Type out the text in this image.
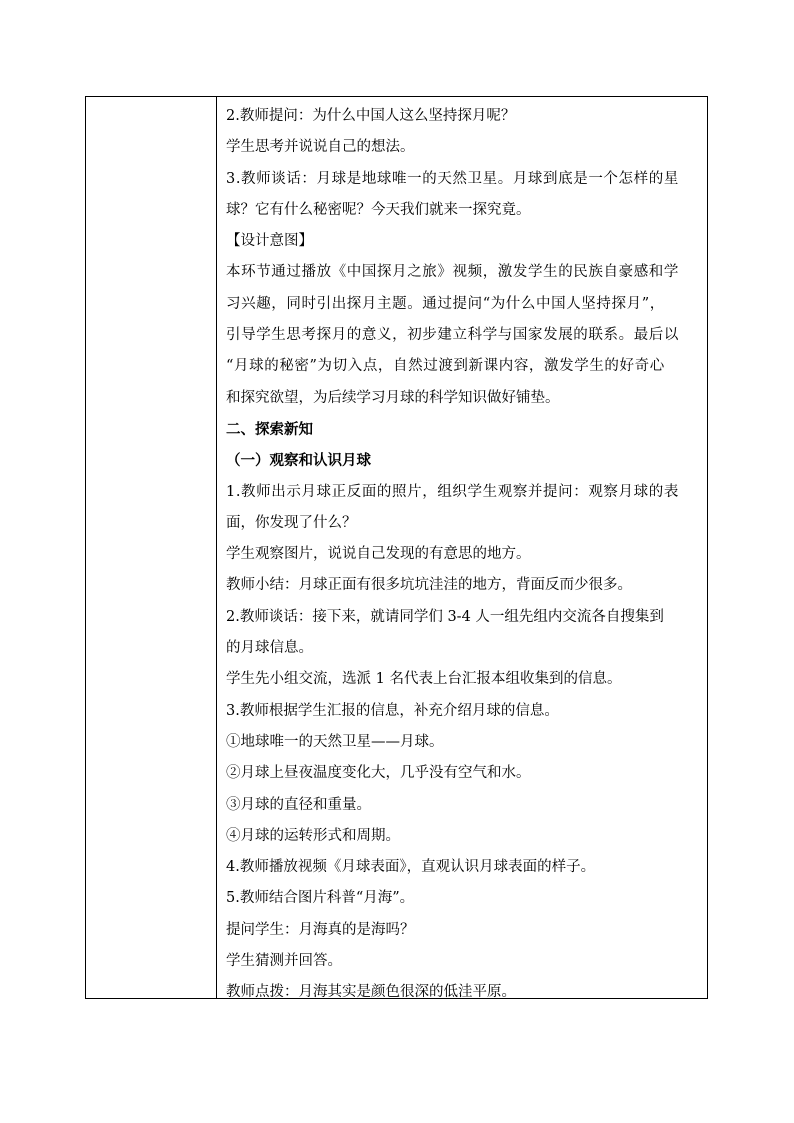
2.教师提问：为什么中国人这么坚持探月呢？
学生思考并说说自己的想法。
3.教师谈话：月球是地球唯一的天然卫星。月球到底是一个怎样的星
球？它有什么秘密呢？今天我们就来一探究竟。
【设计意图】
本环节通过播放《中国探月之旅》视频，激发学生的民族自豪感和学
习兴趣，同时引出探月主题。通过提问“为什么中国人坚持探月”，
引导学生思考探月的意义，初步建立科学与国家发展的联系。最后以
“月球的秘密”为切入点，自然过渡到新课内容，激发学生的好奇心
和探究欲望，为后续学习月球的科学知识做好铺垫。
二、探索新知
（一）观察和认识月球
1.教师出示月球正反面的照片，组织学生观察并提问：观察月球的表
面，你发现了什么？
学生观察图片，说说自己发现的有意思的地方。
教师小结：月球正面有很多坑坑洼洼的地方，背面反而少很多。
2.教师谈话：接下来，就请同学们 3-4 人一组先组内交流各自搜集到
的月球信息。
学生先小组交流，选派 1 名代表上台汇报本组收集到的信息。
3.教师根据学生汇报的信息，补充介绍月球的信息。
①地球唯一的天然卫星——月球。
②月球上昼夜温度变化大，几乎没有空气和水。
③月球的直径和重量。
④月球的运转形式和周期。
4.教师播放视频《月球表面》，直观认识月球表面的样子。
5.教师结合图片科普“月海”。
提问学生：月海真的是海吗？
学生猜测并回答。
教师点拨：月海其实是颜色很深的低洼平原。
